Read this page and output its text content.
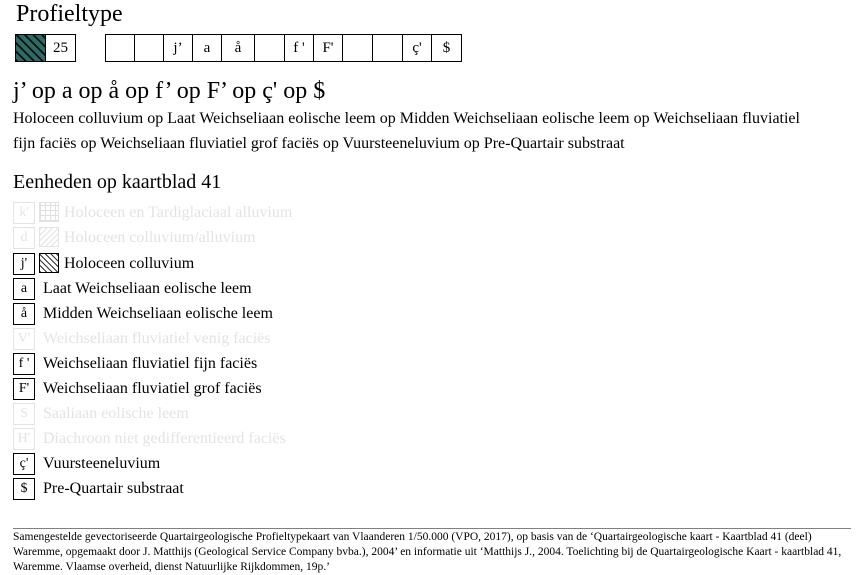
Profieltype
25	j’	a	å	f '	F'	ç'	$
j’ op a op å op f’ op F’ op ç' op $
Holoceen colluvium op Laat Weichseliaan eolische leem op Midden Weichseliaan eolische leem op Weichseliaan fluviatiel fijn faciës op Weichseliaan fluviatiel grof faciës op Vuursteeneluvium op Pre-Quartair substraat
Eenheden op kaartblad 41
k'	Holoceen en Tardiglaciaal alluvium
d	Holoceen colluvium/alluvium
j'	Holoceen colluvium
a Laat Weichseliaan eolische leem
å Midden Weichseliaan eolische leem
V' Weichseliaan fluviatiel venig faciës
f ' Weichseliaan fluviatiel fijn faciës
F' Weichseliaan fluviatiel grof faciës
S Saaliaan eolische leem
H' Diachroon niet gedifferentieerd faciës
ç' Vuursteeneluvium
$ Pre-Quartair substraat
Samengestelde gevectoriseerde Quartairgeologische Profieltypekaart van Vlaanderen 1/50.000 (VPO, 2017), op basis van de ‘Quartairgeologische kaart - Kaartblad 41 (deel) Waremme, opgemaakt door J. Matthijs (Geological Service Company bvba.), 2004’ en informatie uit ‘Matthijs J., 2004. Toelichting bij de Quartairgeologische Kaart - kaartblad 41, Waremme. Vlaamse overheid, dienst Natuurlijke Rijkdommen, 19p.’
